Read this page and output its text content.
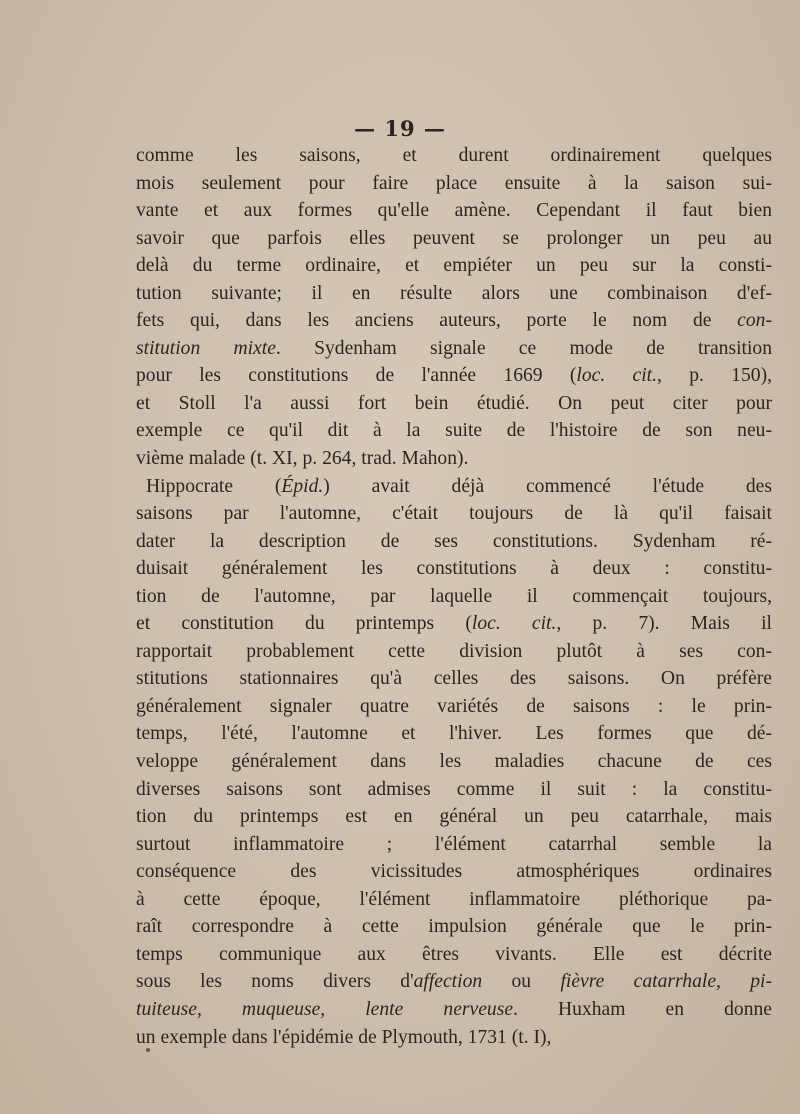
— 19 —
comme les saisons, et durent ordinairement quelques
mois seulement pour faire place ensuite à la saison sui-
vante et aux formes qu'elle amène. Cependant il faut bien
savoir que parfois elles peuvent se prolonger un peu au
delà du terme ordinaire, et empiéter un peu sur la consti-
tution suivante; il en résulte alors une combinaison d'ef-
fets qui, dans les anciens auteurs, porte le nom de con-
stitution mixte. Sydenham signale ce mode de transition
pour les constitutions de l'année 1669 (loc. cit., p. 150),
et Stoll l'a aussi fort bein étudié. On peut citer pour
exemple ce qu'il dit à la suite de l'histoire de son neu-
vième malade (t. XI, p. 264, trad. Mahon).
Hippocrate (Épid.) avait déjà commencé l'étude des
saisons par l'automne, c'était toujours de là qu'il faisait
dater la description de ses constitutions. Sydenham ré-
duisait généralement les constitutions à deux : constitu-
tion de l'automne, par laquelle il commençait toujours,
et constitution du printemps (loc. cit., p. 7). Mais il
rapportait probablement cette division plutôt à ses con-
stitutions stationnaires qu'à celles des saisons. On préfère
généralement signaler quatre variétés de saisons : le prin-
temps, l'été, l'automne et l'hiver. Les formes que dé-
veloppe généralement dans les maladies chacune de ces
diverses saisons sont admises comme il suit : la constitu-
tion du printemps est en général un peu catarrhale, mais
surtout inflammatoire ; l'élément catarrhal semble la
conséquence des vicissitudes atmosphériques ordinaires
à cette époque, l'élément inflammatoire pléthorique pa-
raît correspondre à cette impulsion générale que le prin-
temps communique aux êtres vivants. Elle est décrite
sous les noms divers d'affection ou fièvre catarrhale, pi-
tuiteuse, muqueuse, lente nerveuse. Huxham en donne
un exemple dans l'épidémie de Plymouth, 1731 (t. I),
